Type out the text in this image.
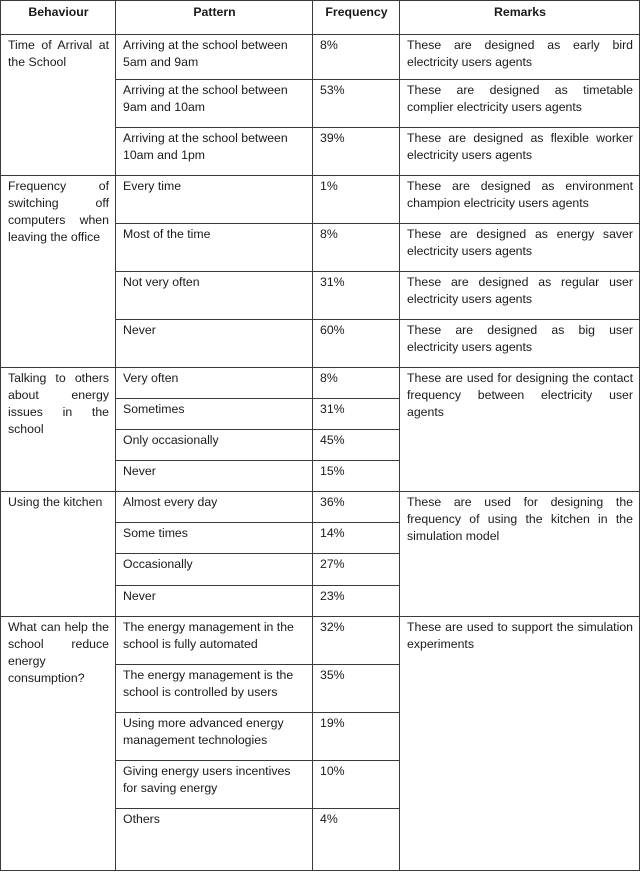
Behaviour	Pattern	Frequency	Remarks
Time of Arrival at the School	Arriving at the school between 5am and 9am	8%	These are designed as early bird electricity users agents
	Arriving at the school between 9am and 10am	53%	These are designed as timetable complier electricity users agents
	Arriving at the school between 10am and 1pm	39%	These are designed as flexible worker electricity users agents
Frequency of switching off computers when leaving the office	Every time	1%	These are designed as environment champion electricity users agents
	Most of the time	8%	These are designed as energy saver electricity users agents
	Not very often	31%	These are designed as regular user electricity users agents
	Never	60%	These are designed as big user electricity users agents
Talking to others about energy issues in the school	Very often	8%	These are used for designing the contact frequency between electricity user agents
	Sometimes	31%	
	Only occasionally	45%	
	Never	15%	
Using the kitchen	Almost every day	36%	These are used for designing the frequency of using the kitchen in the simulation model
	Some times	14%	
	Occasionally	27%	
	Never	23%	
What can help the school reduce energy consumption?	The energy management in the school is fully automated	32%	These are used to support the simulation experiments
	The energy management is the school is controlled by users	35%	
	Using more advanced energy management technologies	19%	
	Giving energy users incentives for saving energy	10%	
	Others	4%	
